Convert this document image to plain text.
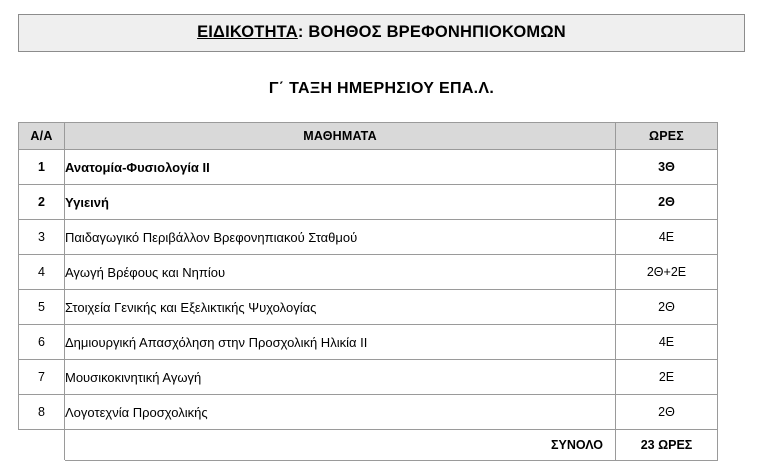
ΕΙΔΙΚΟΤΗΤΑ: ΒΟΗΘΟΣ ΒΡΕΦΟΝΗΠΙΟΚΟΜΩΝ
Γ΄ ΤΑΞΗ ΗΜΕΡΗΣΙΟΥ ΕΠΑ.Λ.
Α/Α	ΜΑΘΗΜΑΤΑ	ΩΡΕΣ
1	Ανατομία-Φυσιολογία ΙΙ	3Θ
2	Υγιεινή	2Θ
3	Παιδαγωγικό Περιβάλλον Βρεφονηπιακού Σταθμού	4Ε
4	Αγωγή Βρέφους και Νηπίου	2Θ+2Ε
5	Στοιχεία Γενικής και Εξελικτικής Ψυχολογίας	2Θ
6	Δημιουργική Απασχόληση στην Προσχολική Ηλικία ΙΙ	4Ε
7	Μουσικοκινητική Αγωγή	2Ε
8	Λογοτεχνία Προσχολικής	2Θ
	ΣΥΝΟΛΟ	23 ΩΡΕΣ
